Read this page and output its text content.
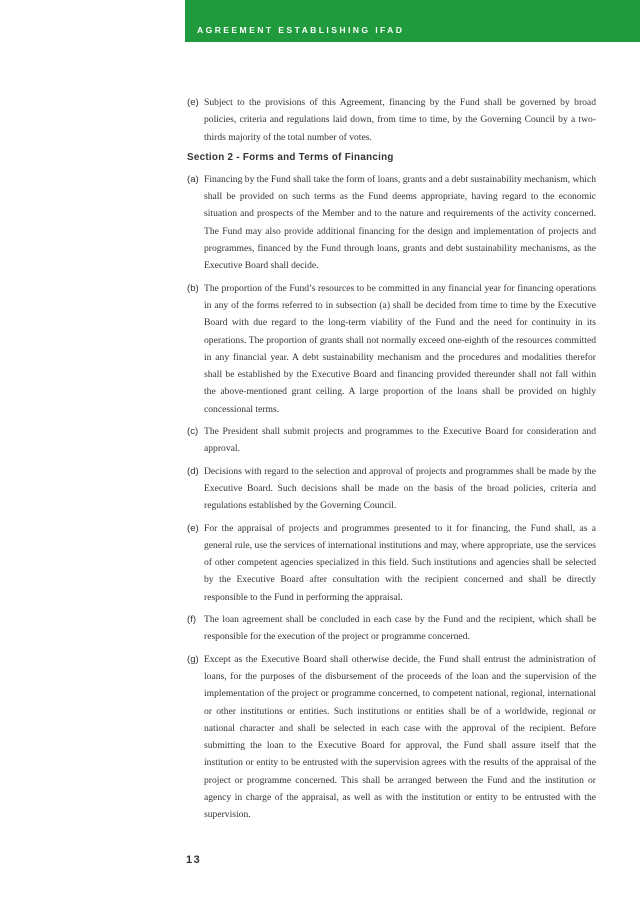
AGREEMENT ESTABLISHING IFAD
(e) Subject to the provisions of this Agreement, financing by the Fund shall be governed by broad policies, criteria and regulations laid down, from time to time, by the Governing Council by a two-thirds majority of the total number of votes.
Section 2 - Forms and Terms of Financing
(a) Financing by the Fund shall take the form of loans, grants and a debt sustainability mechanism, which shall be provided on such terms as the Fund deems appropriate, having regard to the economic situation and prospects of the Member and to the nature and requirements of the activity concerned. The Fund may also provide additional financing for the design and implementation of projects and programmes, financed by the Fund through loans, grants and debt sustainability mechanisms, as the Executive Board shall decide.
(b) The proportion of the Fund’s resources to be committed in any financial year for financing operations in any of the forms referred to in subsection (a) shall be decided from time to time by the Executive Board with due regard to the long-term viability of the Fund and the need for continuity in its operations. The proportion of grants shall not normally exceed one-eighth of the resources committed in any financial year. A debt sustainability mechanism and the procedures and modalities therefor shall be established by the Executive Board and financing provided thereunder shall not fall within the above-mentioned grant ceiling. A large proportion of the loans shall be provided on highly concessional terms.
(c) The President shall submit projects and programmes to the Executive Board for consideration and approval.
(d) Decisions with regard to the selection and approval of projects and programmes shall be made by the Executive Board. Such decisions shall be made on the basis of the broad policies, criteria and regulations established by the Governing Council.
(e) For the appraisal of projects and programmes presented to it for financing, the Fund shall, as a general rule, use the services of international institutions and may, where appropriate, use the services of other competent agencies specialized in this field. Such institutions and agencies shall be selected by the Executive Board after consultation with the recipient concerned and shall be directly responsible to the Fund in performing the appraisal.
(f) The loan agreement shall be concluded in each case by the Fund and the recipient, which shall be responsible for the execution of the project or programme concerned.
(g) Except as the Executive Board shall otherwise decide, the Fund shall entrust the administration of loans, for the purposes of the disbursement of the proceeds of the loan and the supervision of the implementation of the project or programme concerned, to competent national, regional, international or other institutions or entities. Such institutions or entities shall be of a worldwide, regional or national character and shall be selected in each case with the approval of the recipient. Before submitting the loan to the Executive Board for approval, the Fund shall assure itself that the institution or entity to be entrusted with the supervision agrees with the results of the appraisal of the project or programme concerned. This shall be arranged between the Fund and the institution or agency in charge of the appraisal, as well as with the institution or entity to be entrusted with the supervision.
13
